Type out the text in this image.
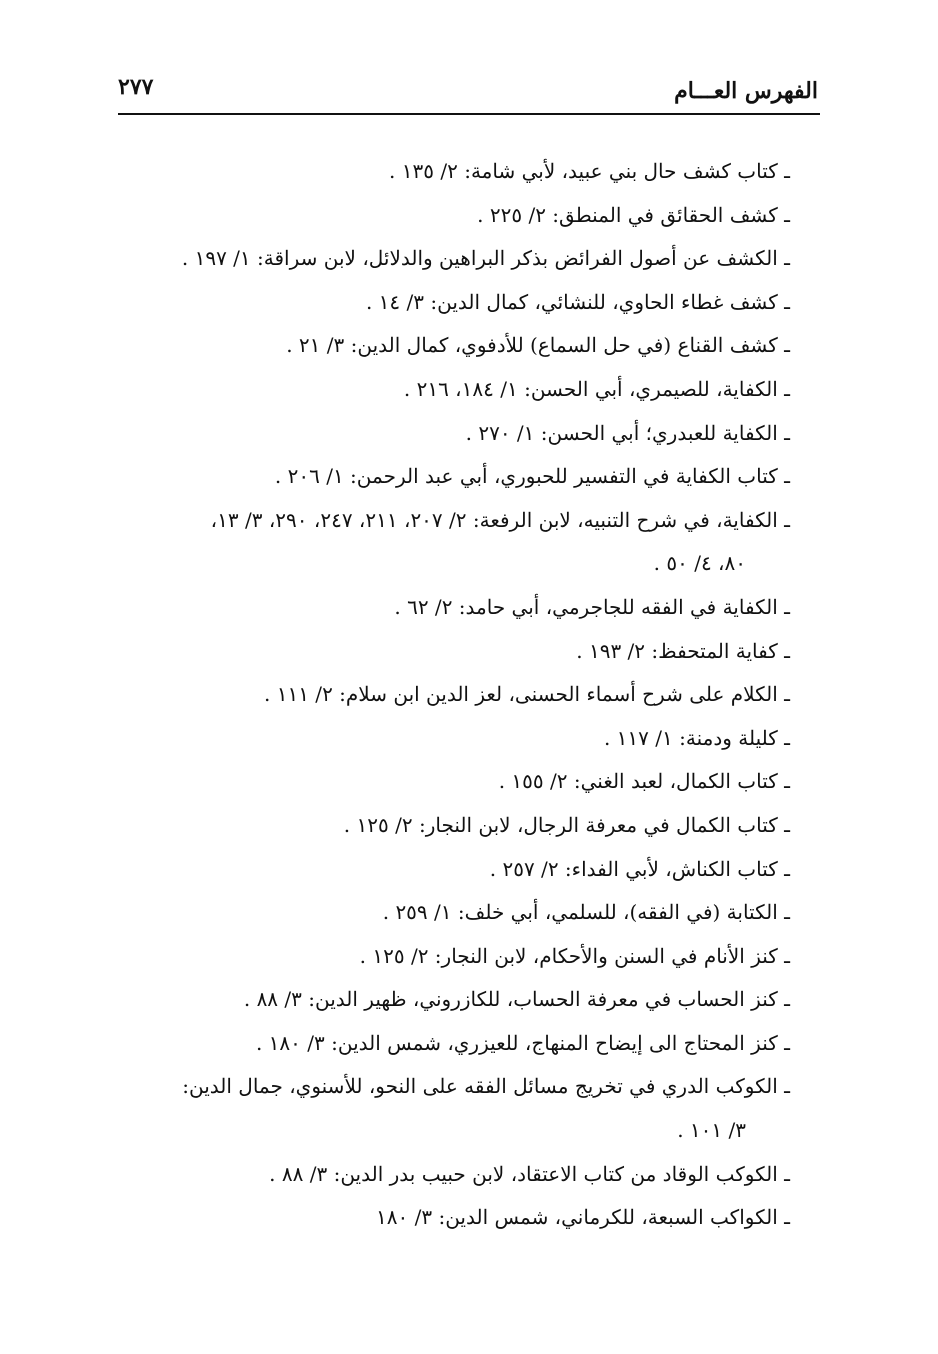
الفهرس العـــام
٢٧٧
ـ كتاب كشف حال بني عبيد، لأبي شامة: ٢/ ١٣٥ .
ـ كشف الحقائق في المنطق: ٢/ ٢٢٥ .
ـ الكشف عن أصول الفرائض بذكر البراهين والدلائل، لابن سراقة: ١/ ١٩٧ .
ـ كشف غطاء الحاوي، للنشائي، كمال الدين: ٣/ ١٤ .
ـ كشف القناع (في حل السماع) للأدفوي، كمال الدين: ٣/ ٢١ .
ـ الكفاية، للصيمري، أبي الحسن: ١/ ١٨٤، ٢١٦ .
ـ الكفاية للعبدري؛ أبي الحسن: ١/ ٢٧٠ .
ـ كتاب الكفاية في التفسير للحبوري، أبي عبد الرحمن: ١/ ٢٠٦ .
ـ الكفاية، في شرح التنبيه، لابن الرفعة: ٢/ ٢٠٧، ٢١١، ٢٤٧، ٢٩٠، ٣/ ١٣،
٨٠، ٤/ ٥٠ .
ـ الكفاية في الفقه للجاجرمي، أبي حامد: ٢/ ٦٢ .
ـ كفاية المتحفظ: ٢/ ١٩٣ .
ـ الكلام على شرح أسماء الحسنى، لعز الدين ابن سلام: ٢/ ١١١ .
ـ كليلة ودمنة: ١/ ١١٧ .
ـ كتاب الكمال، لعبد الغني: ٢/ ١٥٥ .
ـ كتاب الكمال في معرفة الرجال، لابن النجار: ٢/ ١٢٥ .
ـ كتاب الكناش، لأبي الفداء: ٢/ ٢٥٧ .
ـ الكتابة (في الفقه)، للسلمي، أبي خلف: ١/ ٢٥٩ .
ـ كنز الأنام في السنن والأحكام، لابن النجار: ٢/ ١٢٥ .
ـ كنز الحساب في معرفة الحساب، للكازروني، ظهير الدين: ٣/ ٨٨ .
ـ كنز المحتاج الى إيضاح المنهاج، للعيزري، شمس الدين: ٣/ ١٨٠ .
ـ الكوكب الدري في تخريج مسائل الفقه على النحو، للأسنوي، جمال الدين:
٣/ ١٠١ .
ـ الكوكب الوقاد من كتاب الاعتقاد، لابن حبيب بدر الدين: ٣/ ٨٨ .
ـ الكواكب السبعة، للكرماني، شمس الدين: ٣/ ١٨٠
